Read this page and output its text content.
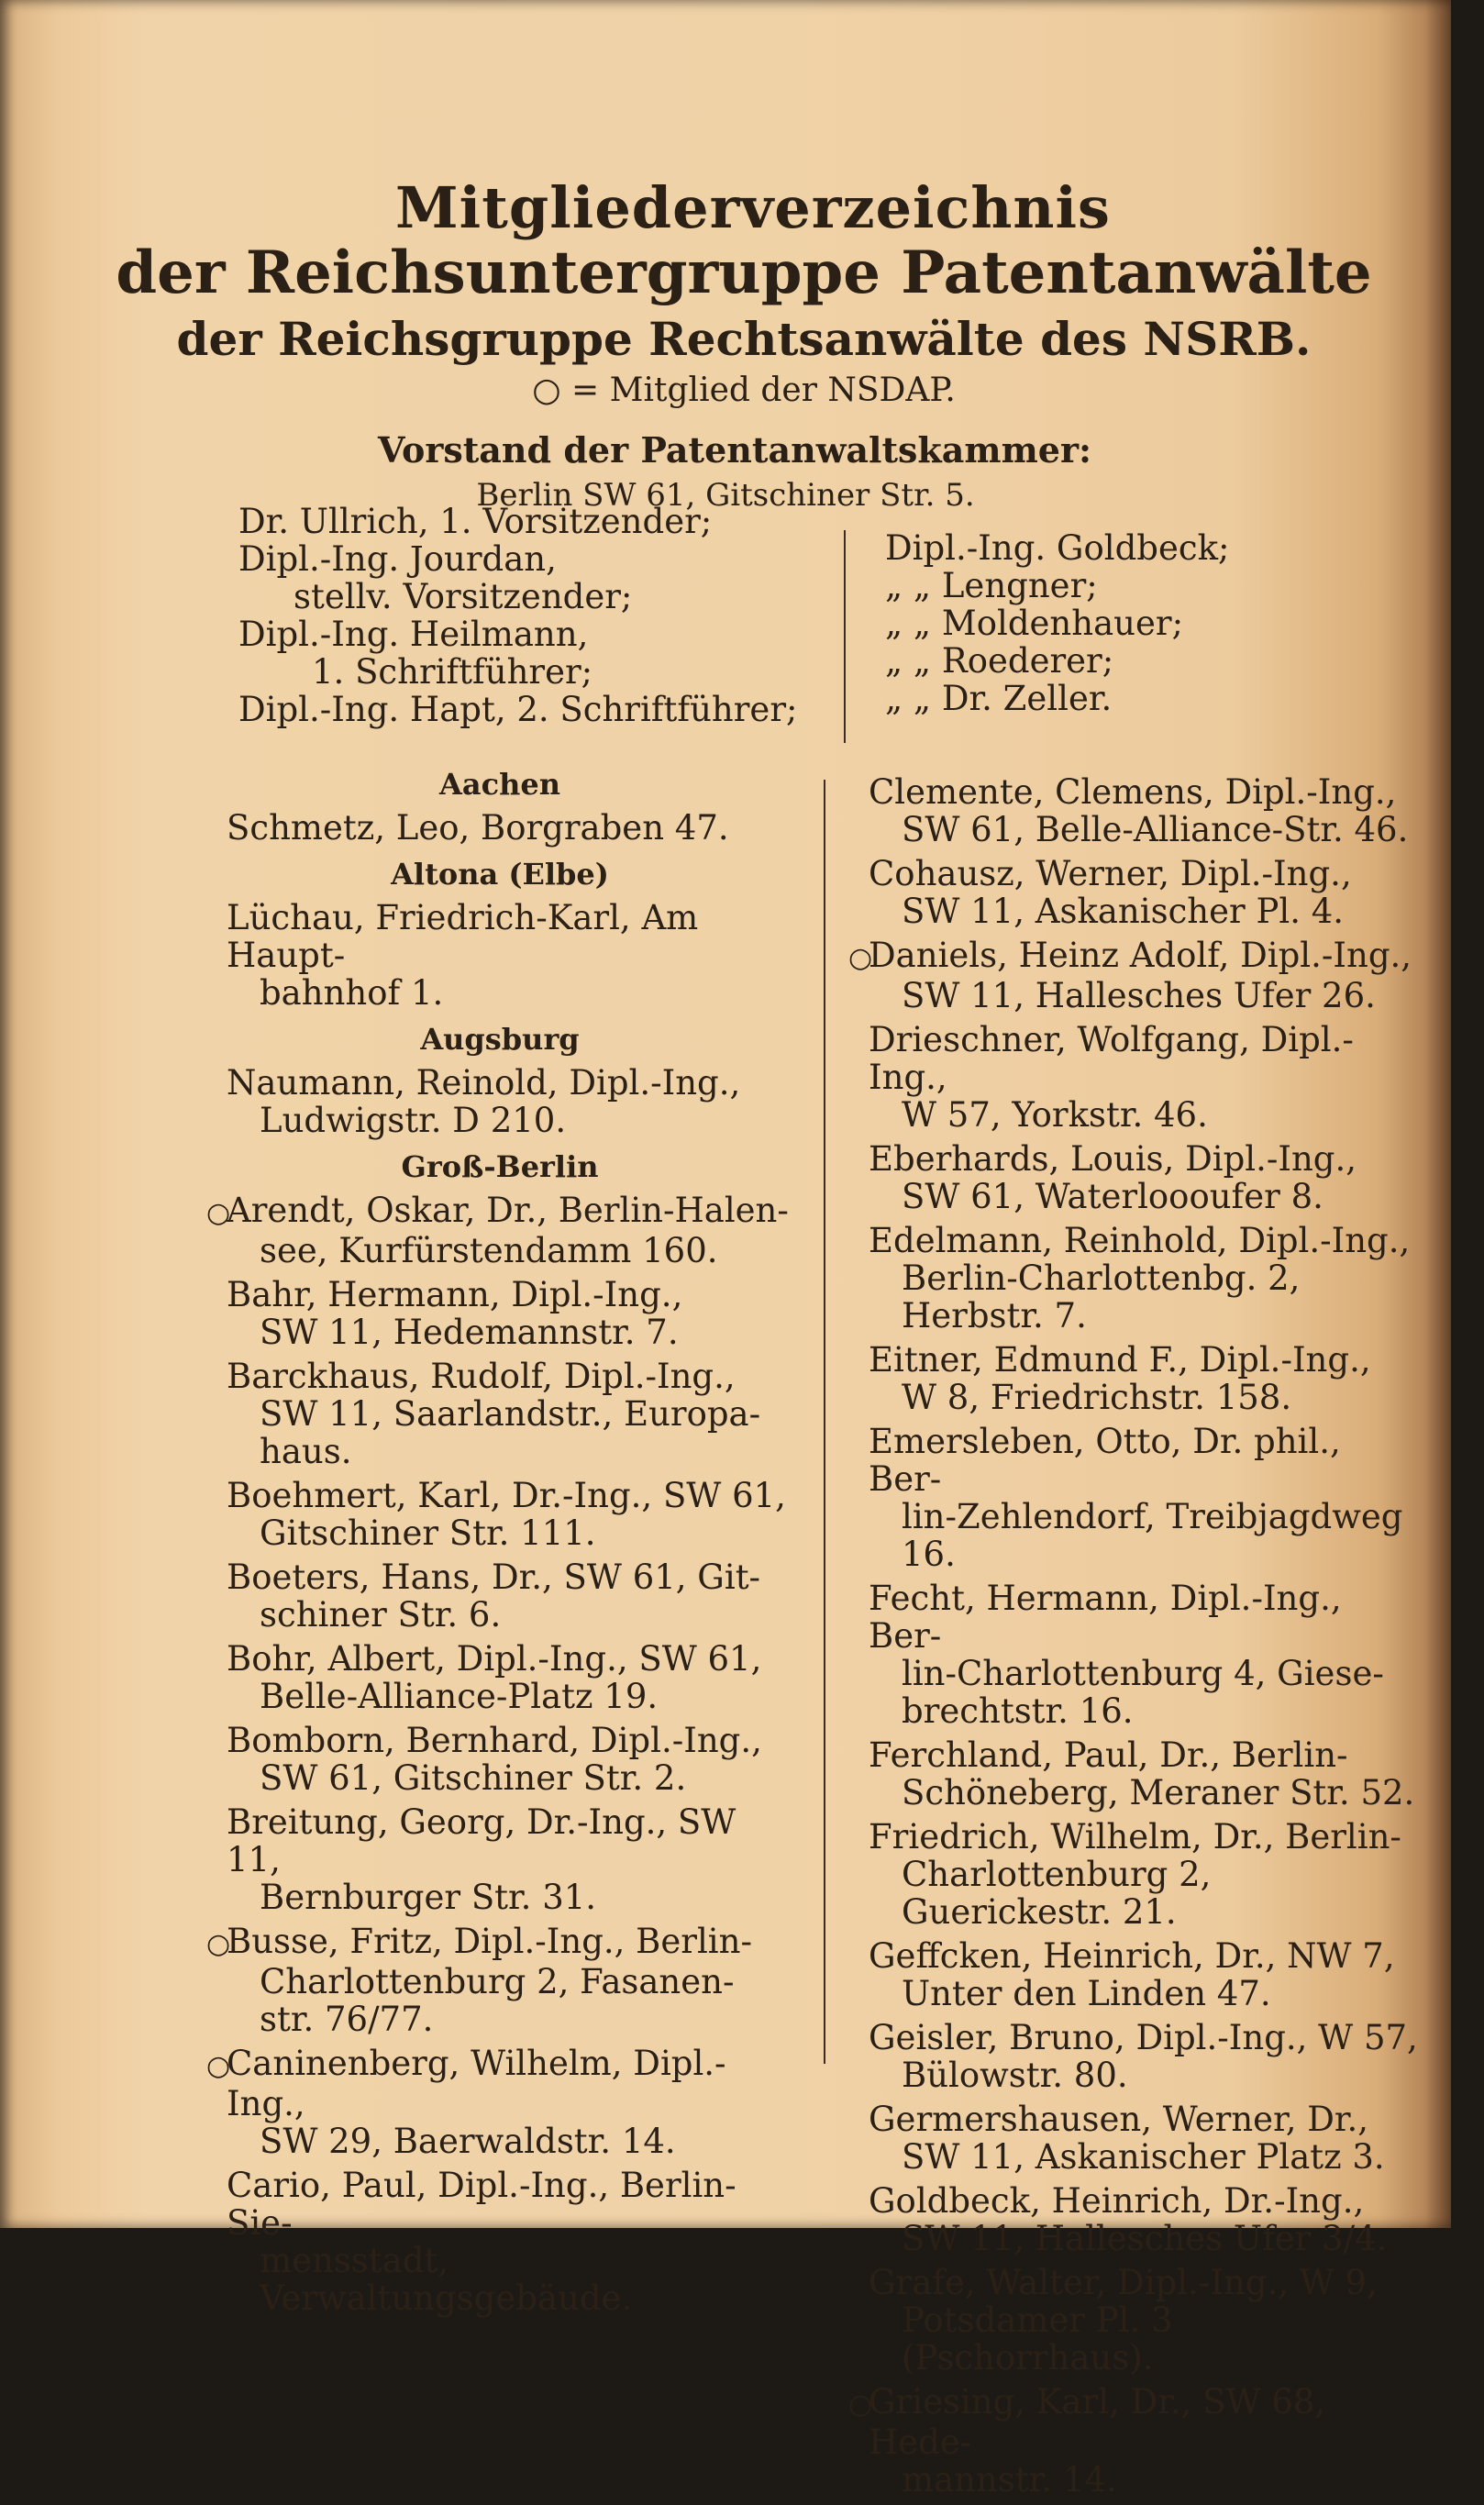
Mitgliederverzeichnis
der Reichsuntergruppe Patentanwälte
der Reichsgruppe Rechtsanwälte des NSRB.
○ = Mitglied der NSDAP.
Vorstand der Patentanwaltskammer:
Berlin SW 61, Gitschiner Str. 5.
Dr. Ullrich, 1. Vorsitzender;
Dipl.-Ing. Jourdan,
stellv. Vorsitzender;
Dipl.-Ing. Heilmann,
1. Schriftführer;
Dipl.-Ing. Hapt, 2. Schriftführer;
Dipl.-Ing. Goldbeck;
„ „ Lengner;
„ „ Moldenhauer;
„ „ Roederer;
„ „ Dr. Zeller.
Aachen
Schmetz, Leo, Borgraben 47.
Altona (Elbe)
Lüchau, Friedrich-Karl, Am Haupt-
bahnhof 1.
Augsburg
Naumann, Reinold, Dipl.-Ing.,
Ludwigstr. D 210.
Groß-Berlin
○Arendt, Oskar, Dr., Berlin-Halen-
see, Kurfürstendamm 160.
Bahr, Hermann, Dipl.-Ing.,
SW 11, Hedemannstr. 7.
Barckhaus, Rudolf, Dipl.-Ing.,
SW 11, Saarlandstr., Europa-
haus.
Boehmert, Karl, Dr.-Ing., SW 61,
Gitschiner Str. 111.
Boeters, Hans, Dr., SW 61, Git-
schiner Str. 6.
Bohr, Albert, Dipl.-Ing., SW 61,
Belle-Alliance-Platz 19.
Bomborn, Bernhard, Dipl.-Ing.,
SW 61, Gitschiner Str. 2.
Breitung, Georg, Dr.-Ing., SW 11,
Bernburger Str. 31.
○Busse, Fritz, Dipl.-Ing., Berlin-
Charlottenburg 2, Fasanen-
str. 76/77.
○Caninenberg, Wilhelm, Dipl.-Ing.,
SW 29, Baerwaldstr. 14.
Cario, Paul, Dipl.-Ing., Berlin-Sie-
mensstadt, Verwaltungsgebäude.
Clemente, Clemens, Dipl.-Ing.,
SW 61, Belle-Alliance-Str. 46.
Cohausz, Werner, Dipl.-Ing.,
SW 11, Askanischer Pl. 4.
○Daniels, Heinz Adolf, Dipl.-Ing.,
SW 11, Hallesches Ufer 26.
Drieschner, Wolfgang, Dipl.-Ing.,
W 57, Yorkstr. 46.
Eberhards, Louis, Dipl.-Ing.,
SW 61, Waterloooufer 8.
Edelmann, Reinhold, Dipl.-Ing.,
Berlin-Charlottenbg. 2, Herbstr. 7.
Eitner, Edmund F., Dipl.-Ing.,
W 8, Friedrichstr. 158.
Emersleben, Otto, Dr. phil., Ber-
lin-Zehlendorf, Treibjagdweg 16.
Fecht, Hermann, Dipl.-Ing., Ber-
lin-Charlottenburg 4, Giese-
brechtstr. 16.
Ferchland, Paul, Dr., Berlin-
Schöneberg, Meraner Str. 52.
Friedrich, Wilhelm, Dr., Berlin-
Charlottenburg 2, Guerickestr. 21.
Geffcken, Heinrich, Dr., NW 7,
Unter den Linden 47.
Geisler, Bruno, Dipl.-Ing., W 57,
Bülowstr. 80.
Germershausen, Werner, Dr.,
SW 11, Askanischer Platz 3.
Goldbeck, Heinrich, Dr.-Ing.,
SW 11, Hallesches Ufer 3/4.
Grafe, Walter, Dipl.-Ing., W 9,
Potsdamer Pl. 3 (Pschorrhaus).
○Griesing, Karl, Dr., SW 68, Hede-
mannstr. 14.
